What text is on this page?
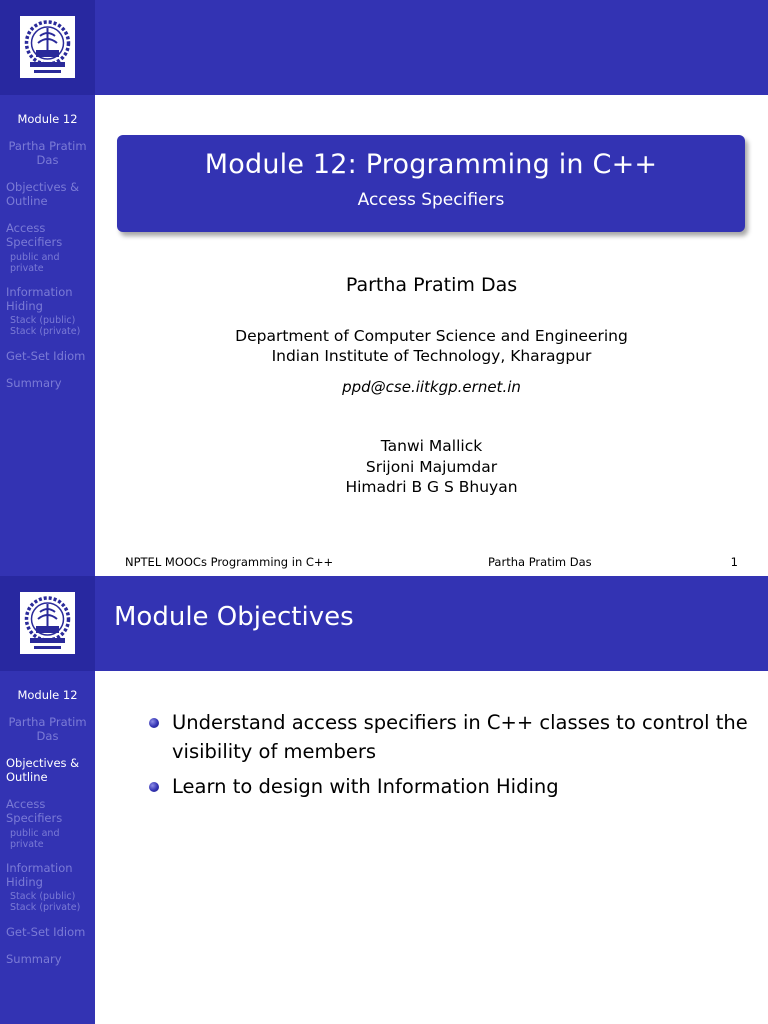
Module 12
Partha Pratim Das
Objectives & Outline
Access Specifiers
public and private
Information Hiding
Stack (public)
Stack (private)
Get-Set Idiom
Summary
Module 12: Programming in C++
Access Specifiers
Partha Pratim Das
Department of Computer Science and Engineering
Indian Institute of Technology, Kharagpur
ppd@cse.iitkgp.ernet.in
Tanwi Mallick
Srijoni Majumdar
Himadri B G S Bhuyan
NPTEL MOOCs Programming in C++	Partha Pratim Das	1
Module 12
Partha Pratim Das
Objectives & Outline
Access Specifiers
public and private
Information Hiding
Stack (public)
Stack (private)
Get-Set Idiom
Summary
Module Objectives
Understand access specifiers in C++ classes to control the visibility of members
Learn to design with Information Hiding
